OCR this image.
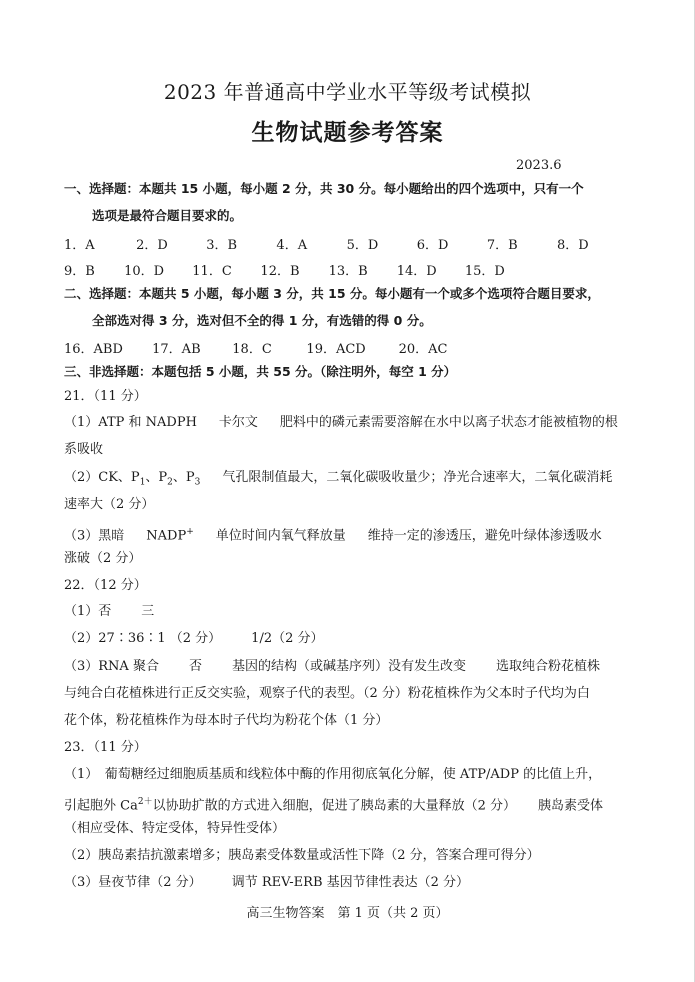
2023 年普通高中学业水平等级考试模拟
生物试题参考答案
2023.6
一、选择题：本题共 15 小题，每小题 2 分，共 30 分。每小题给出的四个选项中，只有一个
选项是最符合题目要求的。
1．A	2．D	3．B	4．A	5．D	6．D	7．B	8．D
9．B 10．D 11．C 12．B 13．B 14．D 15．D
二、选择题：本题共 5 小题，每小题 3 分，共 15 分。每小题有一个或多个选项符合题目要求，
全部选对得 3 分，选对但不全的得 1 分，有选错的得 0 分。
16．ABD 17．AB 18．C	19．ACD	20．AC
三、非选择题：本题包括 5 小题，共 55 分。（除注明外，每空 1 分）
21．（11 分）
（1）ATP 和 NADPH 卡尔文 肥料中的磷元素需要溶解在水中以离子状态才能被植物的根
系吸收
（2）CK、$P_1$、$P_2$、$P_3$ 气孔限制值最大，二氧化碳吸收量少；净光合速率大，二氧化碳消耗
速率大（2 分）
（3）黑暗 NADP+ 单位时间内氧气释放量 维持一定的渗透压，避免叶绿体渗透吸水
涨破（2 分）
22．（12 分）
（1）否 三
（2）27∶36∶1 （2 分） 1/2（2 分）
（3）RNA 聚合 否 基因的结构（或碱基序列）没有发生改变 选取纯合粉花植株
与纯合白花植株进行正反交实验，观察子代的表型。（2 分）粉花植株作为父本时子代均为白
花个体，粉花植株作为母本时子代均为粉花个体（1 分）
23．（11 分）
（1）　葡萄糖经过细胞质基质和线粒体中酶的作用彻底氧化分解，使 ATP/ADP 的比值上升，
引起胞外 $Ca^{2+}$以协助扩散的方式进入细胞，促进了胰岛素的大量释放（2 分） 胰岛素受体
（相应受体、特定受体，特异性受体）
（2）胰岛素拮抗激素增多；胰岛素受体数量或活性下降（2 分，答案合理可得分）
（3）昼夜节律（2 分） 调节 REV-ERB 基因节律性表达（2 分）
高三生物答案　第 1 页（共 2 页）
